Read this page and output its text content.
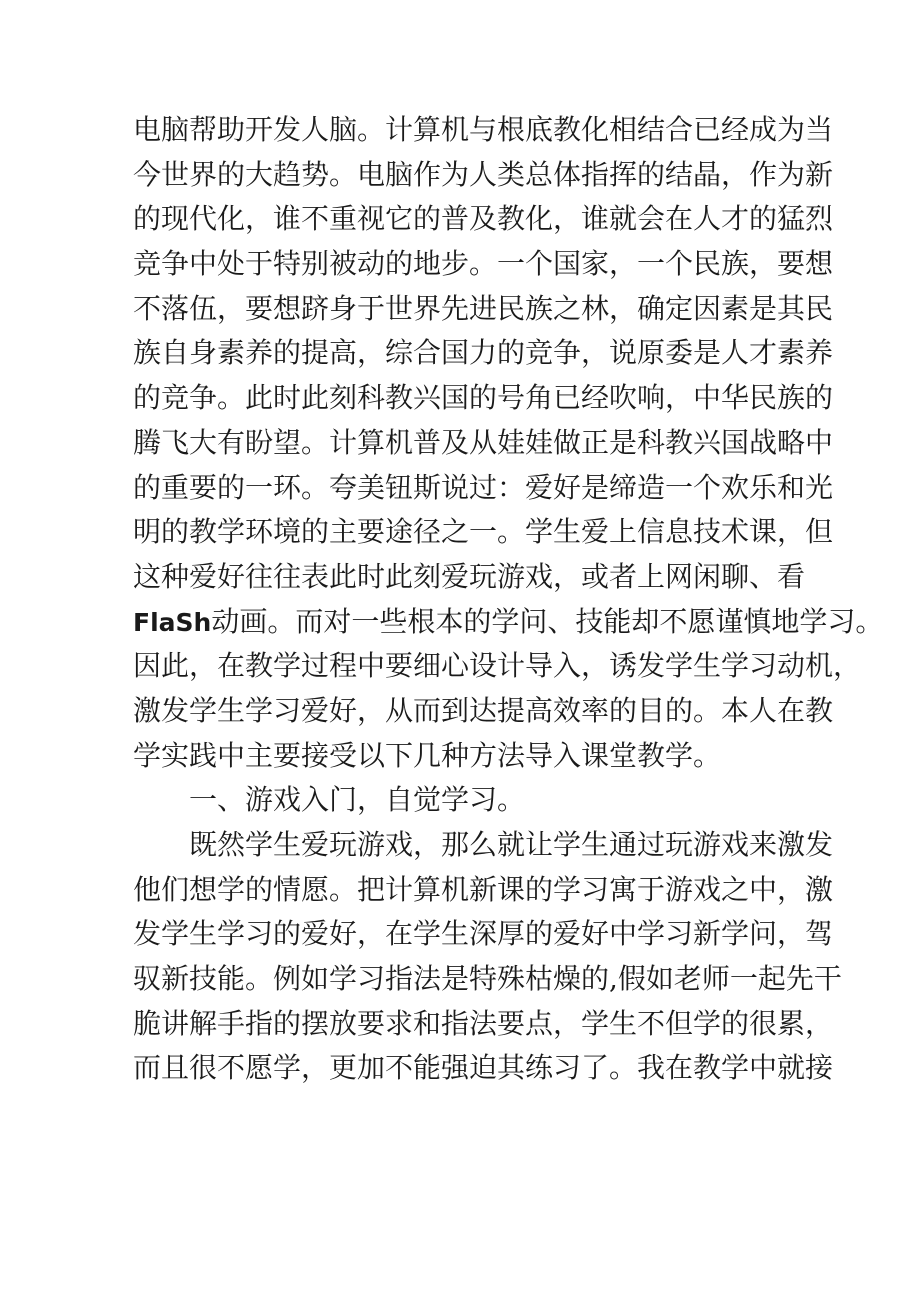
电脑帮助开发人脑。计算机与根底教化相结合已经成为当
今世界的大趋势。电脑作为人类总体指挥的结晶，作为新
的现代化，谁不重视它的普及教化，谁就会在人才的猛烈
竞争中处于特别被动的地步。一个国家，一个民族，要想
不落伍，要想跻身于世界先进民族之林，确定因素是其民
族自身素养的提高，综合国力的竞争，说原委是人才素养
的竞争。此时此刻科教兴国的号角已经吹响，中华民族的
腾飞大有盼望。计算机普及从娃娃做正是科教兴国战略中
的重要的一环。夸美钮斯说过：爱好是缔造一个欢乐和光
明的教学环境的主要途径之一。学生爱上信息技术课，但
这种爱好往往表此时此刻爱玩游戏，或者上网闲聊、看
FlaSh动画。而对一些根本的学问、技能却不愿谨慎地学习。
因此，在教学过程中要细心设计导入，诱发学生学习动机，
激发学生学习爱好，从而到达提高效率的目的。本人在教
学实践中主要接受以下几种方法导入课堂教学。
一、游戏入门，自觉学习。
既然学生爱玩游戏，那么就让学生通过玩游戏来激发
他们想学的情愿。把计算机新课的学习寓于游戏之中，激
发学生学习的爱好，在学生深厚的爱好中学习新学问，驾
驭新技能。例如学习指法是特殊枯燥的,假如老师一起先干
脆讲解手指的摆放要求和指法要点，学生不但学的很累，
而且很不愿学，更加不能强迫其练习了。我在教学中就接
